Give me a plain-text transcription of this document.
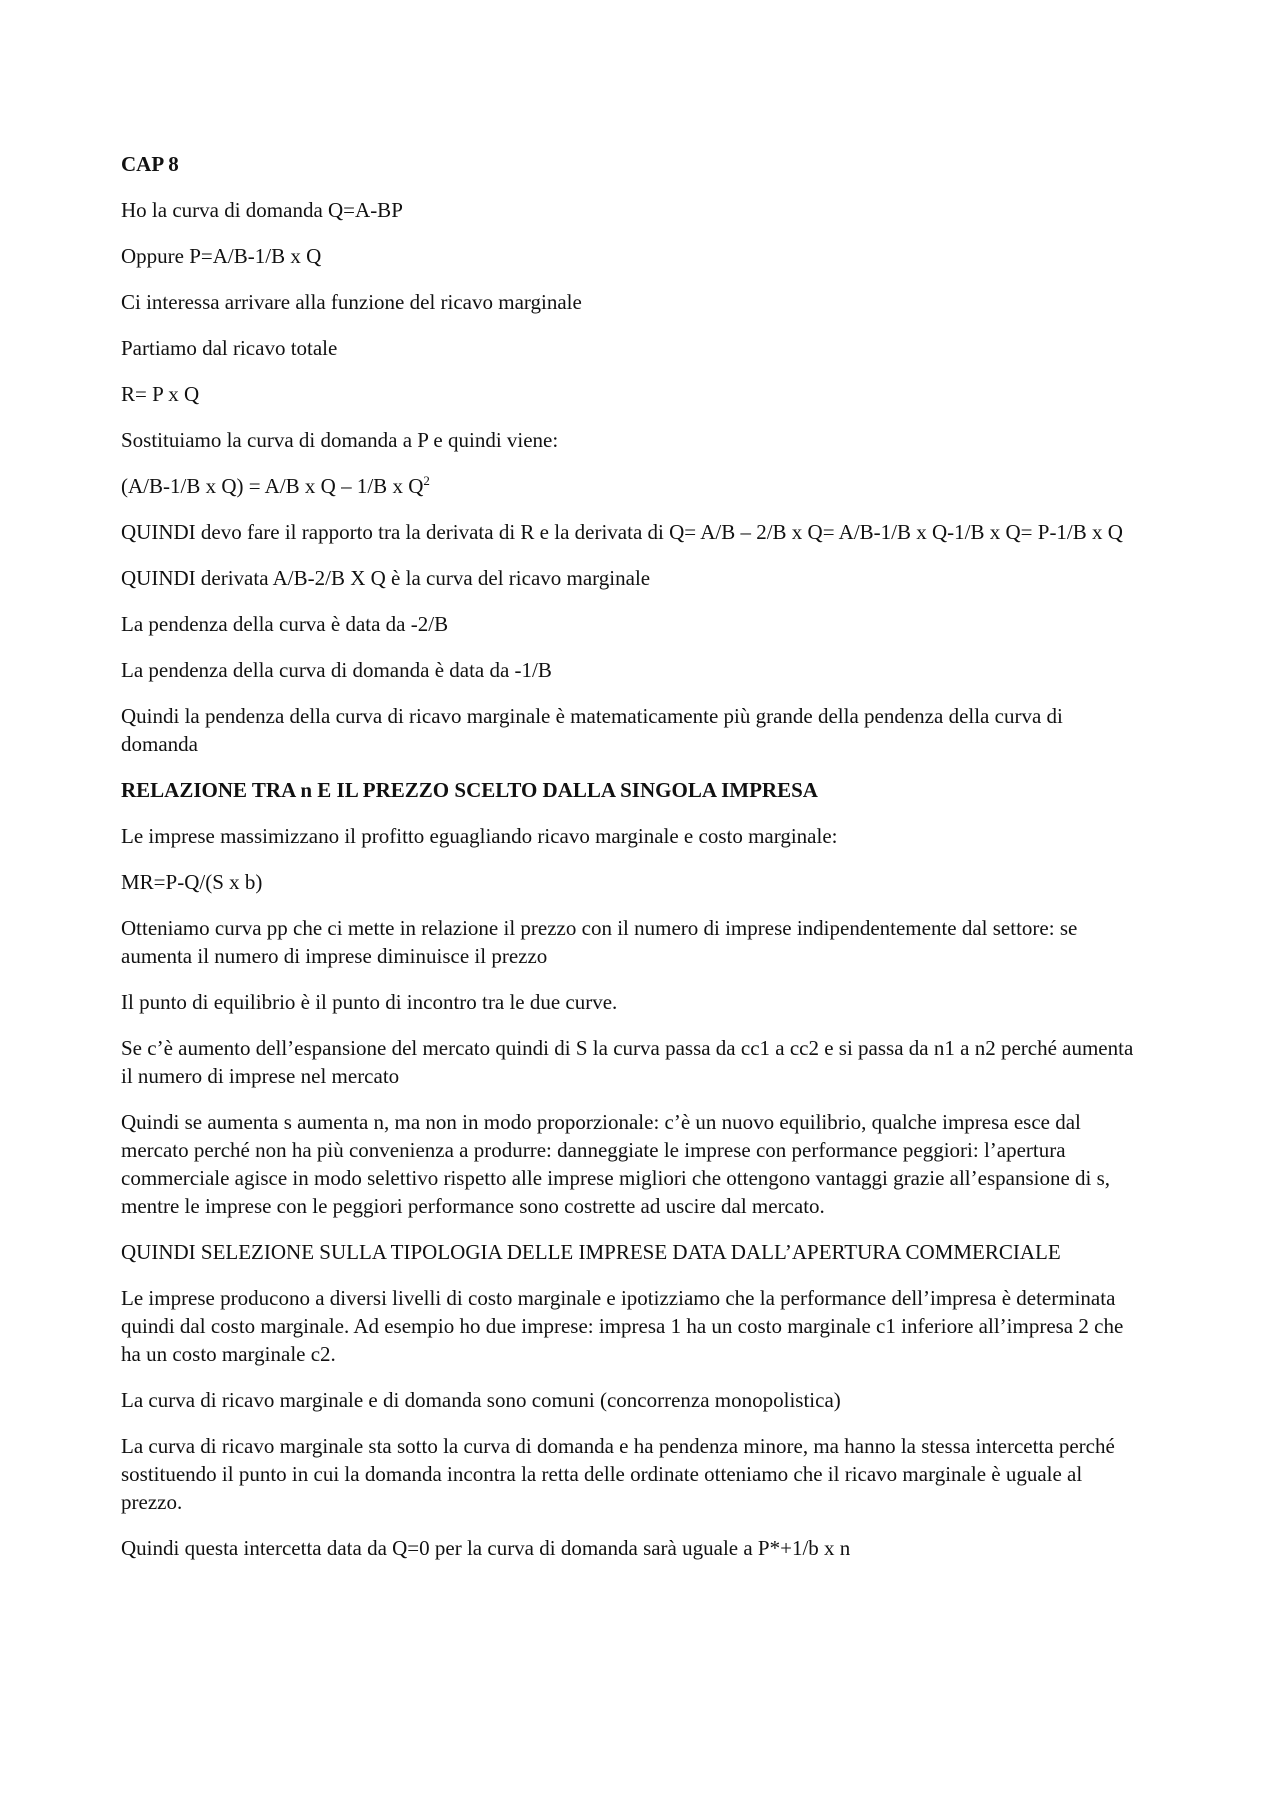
CAP 8
Ho la curva di domanda Q=A-BP
Oppure P=A/B-1/B x Q
Ci interessa arrivare alla funzione del ricavo marginale
Partiamo dal ricavo totale
R= P x Q
Sostituiamo la curva di domanda a P e quindi viene:
(A/B-1/B x Q) = A/B x Q – 1/B x $Q^2$
QUINDI devo fare il rapporto tra la derivata di R e la derivata di Q= A/B – 2/B x Q= A/B-1/B x Q-1/B x Q= P-1/B x Q
QUINDI derivata A/B-2/B X Q è la curva del ricavo marginale
La pendenza della curva è data da -2/B
La pendenza della curva di domanda è data da -1/B
Quindi la pendenza della curva di ricavo marginale è matematicamente più grande della pendenza della curva di domanda
RELAZIONE TRA n E IL PREZZO SCELTO DALLA SINGOLA IMPRESA
Le imprese massimizzano il profitto eguagliando ricavo marginale e costo marginale:
MR=P-Q/(S x b)
Otteniamo curva pp che ci mette in relazione il prezzo con il numero di imprese indipendentemente dal settore: se aumenta il numero di imprese diminuisce il prezzo
Il punto di equilibrio è il punto di incontro tra le due curve.
Se c’è aumento dell’espansione del mercato quindi di S la curva passa da cc1 a cc2 e si passa da n1 a n2 perché aumenta il numero di imprese nel mercato
Quindi se aumenta s aumenta n, ma non in modo proporzionale: c’è un nuovo equilibrio, qualche impresa esce dal mercato perché non ha più convenienza a produrre: danneggiate le imprese con performance peggiori: l’apertura commerciale agisce in modo selettivo rispetto alle imprese migliori che ottengono vantaggi grazie all’espansione di s, mentre le imprese con le peggiori performance sono costrette ad uscire dal mercato.
QUINDI SELEZIONE SULLA TIPOLOGIA DELLE IMPRESE DATA DALL’APERTURA COMMERCIALE
Le imprese producono a diversi livelli di costo marginale e ipotizziamo che la performance dell’impresa è determinata quindi dal costo marginale. Ad esempio ho due imprese: impresa 1 ha un costo marginale c1 inferiore all’impresa 2 che ha un costo marginale c2.
La curva di ricavo marginale e di domanda sono comuni (concorrenza monopolistica)
La curva di ricavo marginale sta sotto la curva di domanda e ha pendenza minore, ma hanno la stessa intercetta perché sostituendo il punto in cui la domanda incontra la retta delle ordinate otteniamo che il ricavo marginale è uguale al prezzo.
Quindi questa intercetta data da Q=0 per la curva di domanda sarà uguale a P*+1/b x n
